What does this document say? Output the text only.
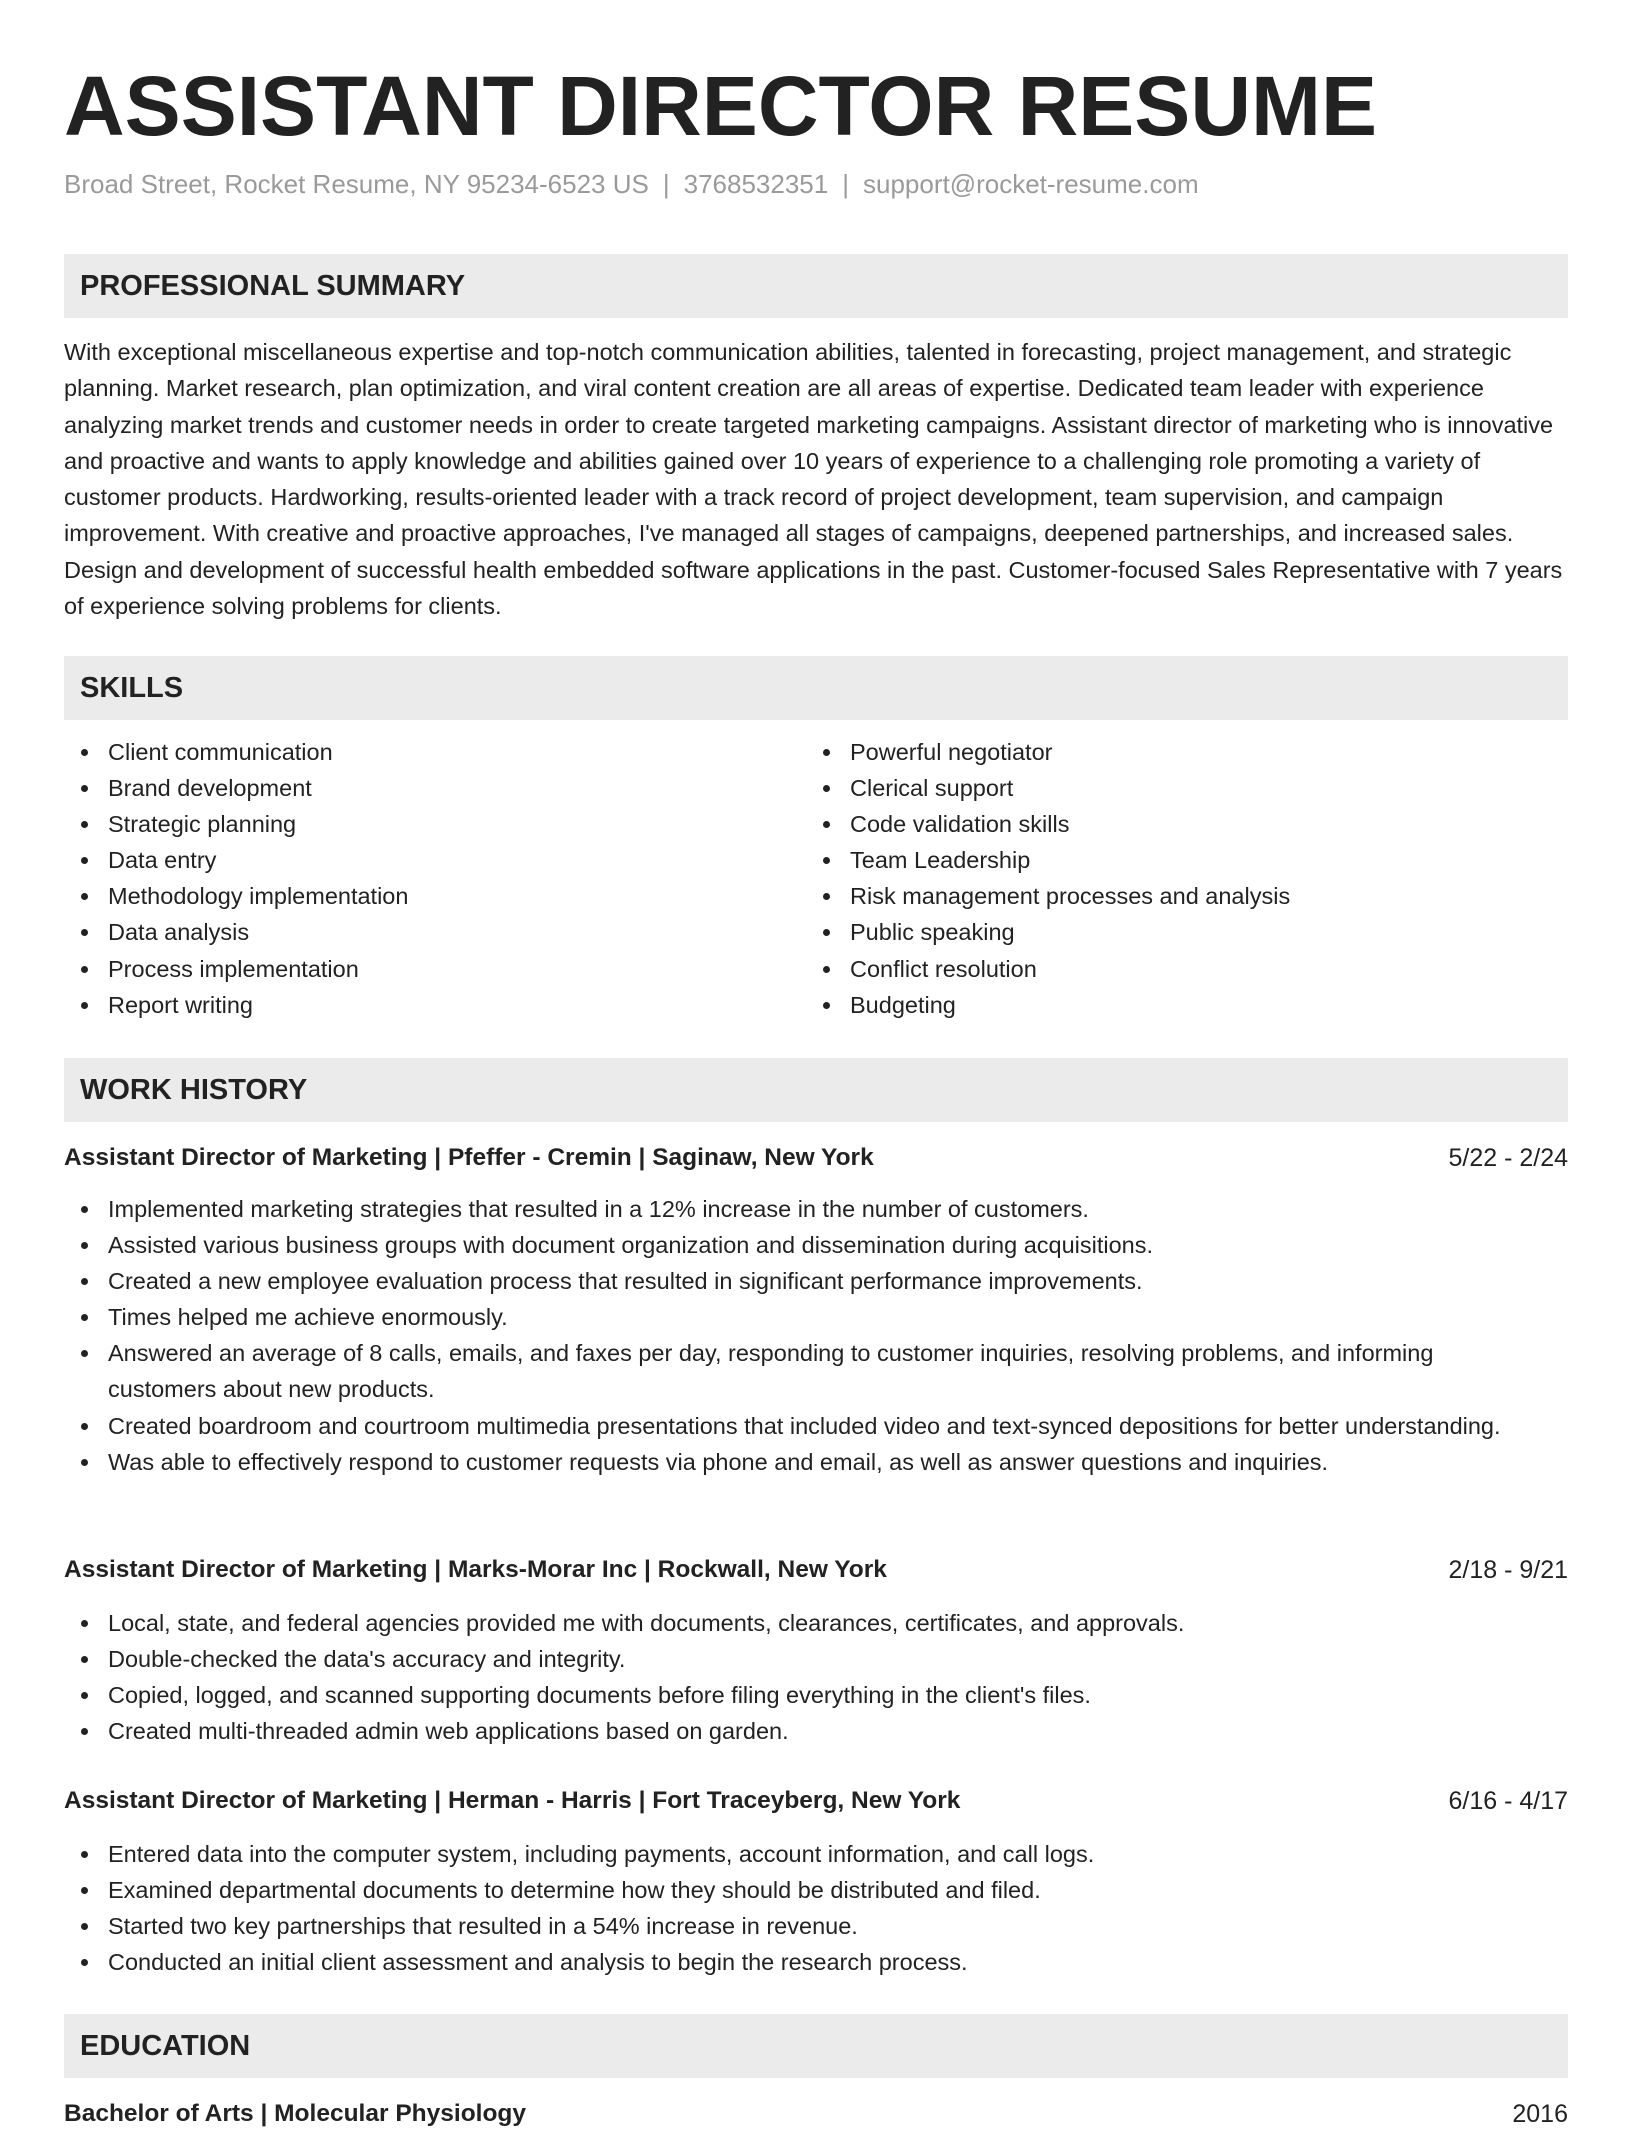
ASSISTANT DIRECTOR RESUME
Broad Street, Rocket Resume, NY 95234-6523 US | 3768532351 | support@rocket-resume.com
PROFESSIONAL SUMMARY

With exceptional miscellaneous expertise and top-notch communication abilities, talented in forecasting, project management, and strategic planning. Market research, plan optimization, and viral content creation are all areas of expertise. Dedicated team leader with experience analyzing market trends and customer needs in order to create targeted marketing campaigns. Assistant director of marketing who is innovative and proactive and wants to apply knowledge and abilities gained over 10 years of experience to a challenging role promoting a variety of customer products. Hardworking, results-oriented leader with a track record of project development, team supervision, and campaign improvement. With creative and proactive approaches, I've managed all stages of campaigns, deepened partnerships, and increased sales. Design and development of successful health embedded software applications in the past. Customer-focused Sales Representative with 7 years of experience solving problems for clients.

SKILLS
Client communication
Brand development
Strategic planning
Data entry
Methodology implementation
Data analysis
Process implementation
Report writing
Powerful negotiator
Clerical support
Code validation skills
Team Leadership
Risk management processes and analysis
Public speaking
Conflict resolution
Budgeting
WORK HISTORY
Assistant Director of Marketing | Pfeffer - Cremin | Saginaw, New York	5/22 - 2/24
Implemented marketing strategies that resulted in a 12% increase in the number of customers.
Assisted various business groups with document organization and dissemination during acquisitions.
Created a new employee evaluation process that resulted in significant performance improvements.
Times helped me achieve enormously.
Answered an average of 8 calls, emails, and faxes per day, responding to customer inquiries, resolving problems, and informing customers about new products.
Created boardroom and courtroom multimedia presentations that included video and text-synced depositions for better understanding.
Was able to effectively respond to customer requests via phone and email, as well as answer questions and inquiries.
Assistant Director of Marketing | Marks-Morar Inc | Rockwall, New York	2/18 - 9/21
Local, state, and federal agencies provided me with documents, clearances, certificates, and approvals.
Double-checked the data's accuracy and integrity.
Copied, logged, and scanned supporting documents before filing everything in the client's files.
Created multi-threaded admin web applications based on garden.
Assistant Director of Marketing | Herman - Harris | Fort Traceyberg, New York	6/16 - 4/17
Entered data into the computer system, including payments, account information, and call logs.
Examined departmental documents to determine how they should be distributed and filed.
Started two key partnerships that resulted in a 54% increase in revenue.
Conducted an initial client assessment and analysis to begin the research process.
EDUCATION
Bachelor of Arts | Molecular Physiology	2016
